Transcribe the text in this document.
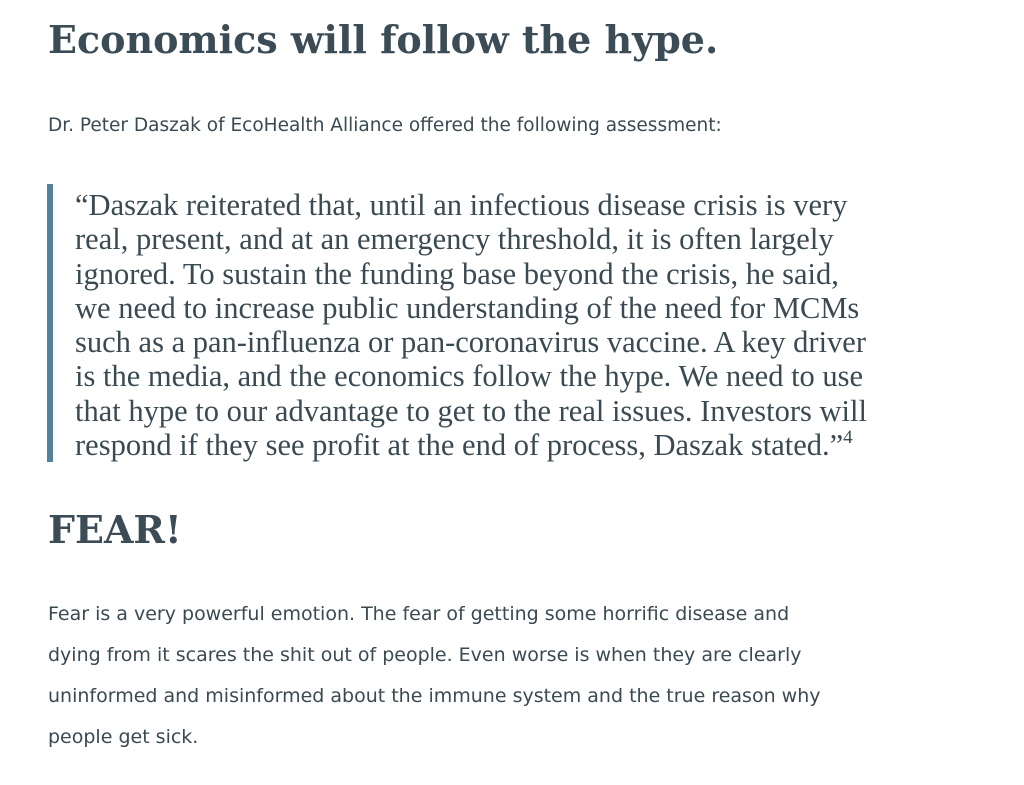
Economics will follow the hype.

Dr. Peter Daszak of EcoHealth Alliance offered the following assessment:

“Daszak reiterated that, until an infectious disease crisis is very
real, present, and at an emergency threshold, it is often largely
ignored. To sustain the funding base beyond the crisis, he said,
we need to increase public understanding of the need for MCMs
such as a pan-influenza or pan-coronavirus vaccine. A key driver
is the media, and the economics follow the hype. We need to use
that hype to our advantage to get to the real issues. Investors will
respond if they see profit at the end of process, Daszak stated.”$^4$

FEAR!

Fear is a very powerful emotion. The fear of getting some horrific disease and
dying from it scares the shit out of people. Even worse is when they are clearly
uninformed and misinformed about the immune system and the true reason why
people get sick.
